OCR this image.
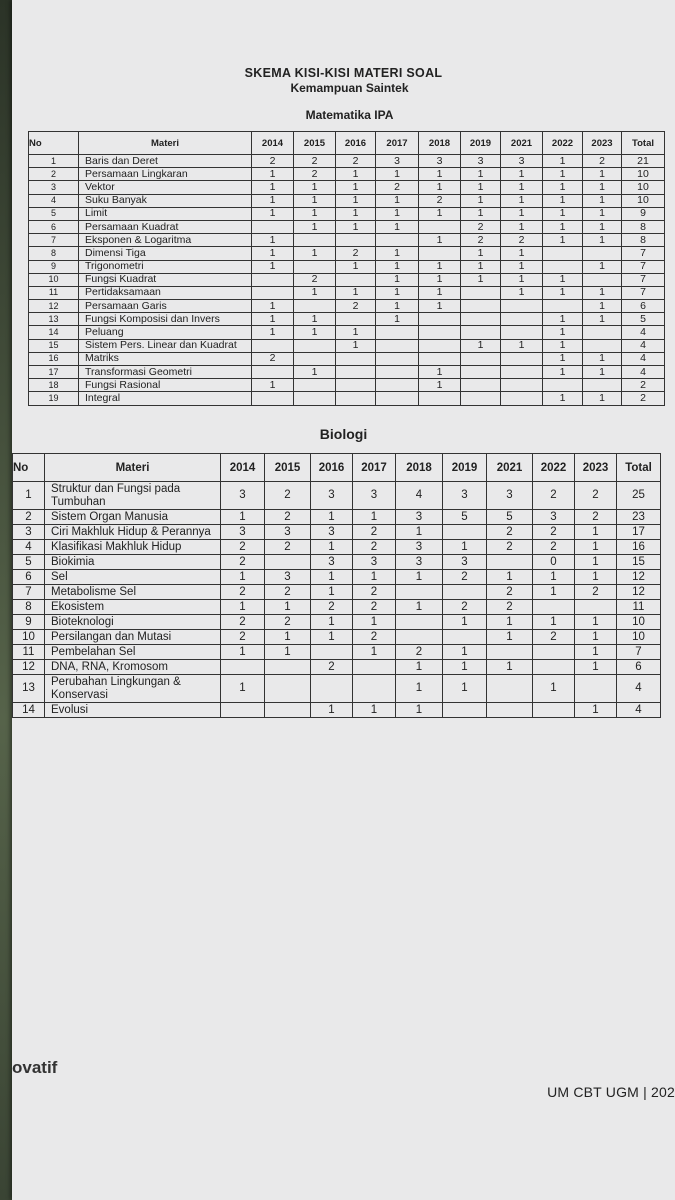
SKEMA KISI-KISI MATERI SOAL
Kemampuan Saintek
Matematika IPA
No	Materi	2014	2015	2016	2017	2018	2019	2021	2022	2023	Total
1	Baris dan Deret	2	2	2	3	3	3	3	1	2	21
2	Persamaan Lingkaran	1	2	1	1	1	1	1	1	1	10
3	Vektor	1	1	1	2	1	1	1	1	1	10
4	Suku Banyak	1	1	1	1	2	1	1	1	1	10
5	Limit	1	1	1	1	1	1	1	1	1	9
6	Persamaan Kuadrat		1	1	1		2	1	1	1	8
7	Eksponen & Logaritma	1				1	2	2	1	1	8
8	Dimensi Tiga	1	1	2	1		1	1			7
9	Trigonometri	1		1	1	1	1	1		1	7
10	Fungsi Kuadrat		2		1	1	1	1	1		7
11	Pertidaksamaan		1	1	1	1		1	1	1	7
12	Persamaan Garis	1		2	1	1				1	6
13	Fungsi Komposisi dan Invers	1	1		1				1	1	5
14	Peluang	1	1	1					1		4
15	Sistem Pers. Linear dan Kuadrat			1			1	1	1		4
16	Matriks	2							1	1	4
17	Transformasi Geometri		1			1			1	1	4
18	Fungsi Rasional	1				1					2
19	Integral								1	1	2
Biologi
No	Materi	2014	2015	2016	2017	2018	2019	2021	2022	2023	Total
1	Struktur dan Fungsi pada Tumbuhan	3	2	3	3	4	3	3	2	2	25
2	Sistem Organ Manusia	1	2	1	1	3	5	5	3	2	23
3	Ciri Makhluk Hidup & Perannya	3	3	3	2	1		2	2	1	17
4	Klasifikasi Makhluk Hidup	2	2	1	2	3	1	2	2	1	16
5	Biokimia	2		3	3	3	3		0	1	15
6	Sel	1	3	1	1	1	2	1	1	1	12
7	Metabolisme Sel	2	2	1	2			2	1	2	12
8	Ekosistem	1	1	2	2	1	2	2			11
9	Bioteknologi	2	2	1	1		1	1	1	1	10
10	Persilangan dan Mutasi	2	1	1	2			1	2	1	10
11	Pembelahan Sel	1	1		1	2	1			1	7
12	DNA, RNA, Kromosom			2		1	1	1		1	6
13	Perubahan Lingkungan & Konservasi	1				1	1		1		4
14	Evolusi			1	1	1				1	4
ovatif
UM CBT UGM | 202
